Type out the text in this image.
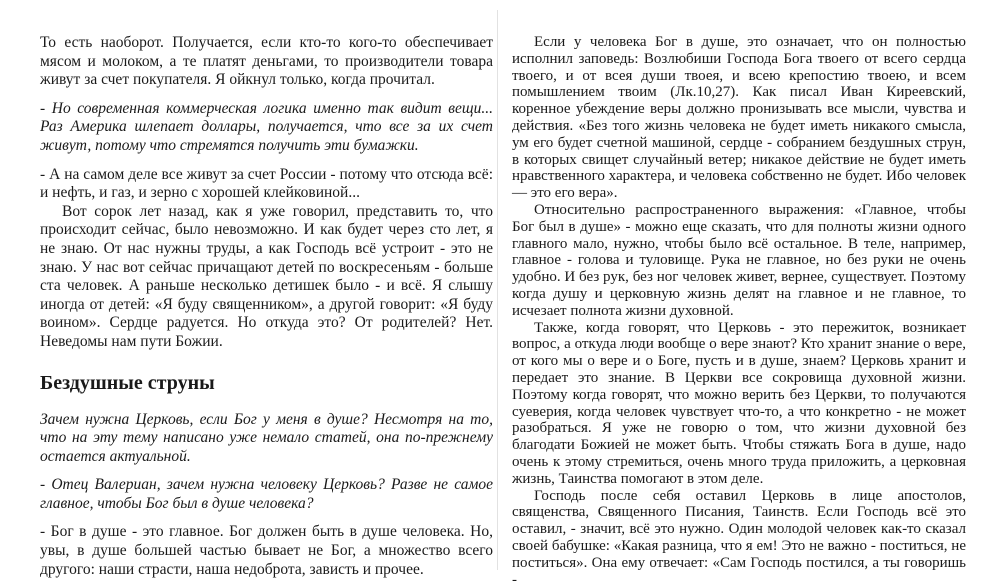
То есть наоборот. Получается, если кто-то кого-то обеспечивает мясом и молоком, а те платят деньгами, то производители товара живут за счет покупателя. Я ойкнул только, когда прочитал.

- Но современная коммерческая логика именно так видит вещи... Раз Америка шлепает доллары, получается, что все за их счет живут, потому что стремятся получить эти бумажки.

- А на самом деле все живут за счет России - потому что отсюда всё: и нефть, и газ, и зерно с хорошей клейковиной...

Вот сорок лет назад, как я уже говорил, представить то, что происходит сейчас, было невозможно. И как будет через сто лет, я не знаю. От нас нужны труды, а как Господь всё устроит - это не знаю. У нас вот сейчас причащают детей по воскресеньям - больше ста человек. А раньше несколько детишек было - и всё. Я слышу иногда от детей: «Я буду священником», а другой говорит: «Я буду воином». Сердце радуется. Но откуда это? От родителей? Нет. Неведомы нам пути Божии.

Бездушные струны

Зачем нужна Церковь, если Бог у меня в душе? Несмотря на то, что на эту тему написано уже немало статей, она по-прежнему остается актуальной.

- Отец Валериан, зачем нужна человеку Церковь? Разве не самое главное, чтобы Бог был в душе человека?

- Бог в душе - это главное. Бог должен быть в душе человека. Но, увы, в душе большей частью бывает не Бог, а множество всего другого: наши страсти, наша недоброта, зависть и прочее.

Если у человека Бог в душе, это означает, что он полностью исполнил заповедь: Возлюбиши Господа Бога твоего от всего сердца твоего, и от всея души твоея, и всею крепостию твоею, и всем помышлением твоим (Лк.10,27). Как писал Иван Киреевский, коренное убеждение веры должно пронизывать все мысли, чувства и действия. «Без того жизнь человека не будет иметь никакого смысла, ум его будет счетной машиной, сердце - собранием бездушных струн, в которых свищет случайный ветер; никакое действие не будет иметь нравственного характера, и человека собственно не будет. Ибо человек — это его вера».

Относительно распространенного выражения: «Главное, чтобы Бог был в душе» - можно еще сказать, что для полноты жизни одного главного мало, нужно, чтобы было всё остальное. В теле, например, главное - голова и туловище. Рука не главное, но без руки не очень удобно. И без рук, без ног человек живет, вернее, существует. Поэтому когда душу и церковную жизнь делят на главное и не главное, то исчезает полнота жизни духовной.

Также, когда говорят, что Церковь - это пережиток, возникает вопрос, а откуда люди вообще о вере знают? Кто хранит знание о вере, от кого мы о вере и о Боге, пусть и в душе, знаем? Церковь хранит и передает это знание. В Церкви все сокровища духовной жизни. Поэтому когда говорят, что можно верить без Церкви, то получаются суеверия, когда человек чувствует что-то, а что конкретно - не может разобраться. Я уже не говорю о том, что жизни духовной без благодати Божией не может быть. Чтобы стяжать Бога в душе, надо очень к этому стремиться, очень много труда приложить, а церковная жизнь, Таинства помогают в этом деле.

Господь после себя оставил Церковь в лице апостолов, священства, Священного Писания, Таинств. Если Господь всё это оставил, - значит, всё это нужно. Один молодой человек как-то сказал своей бабушке: «Какая разница, что я ем! Это не важно - поститься, не поститься». Она ему отвечает: «Сам Господь постился, а ты говоришь -
